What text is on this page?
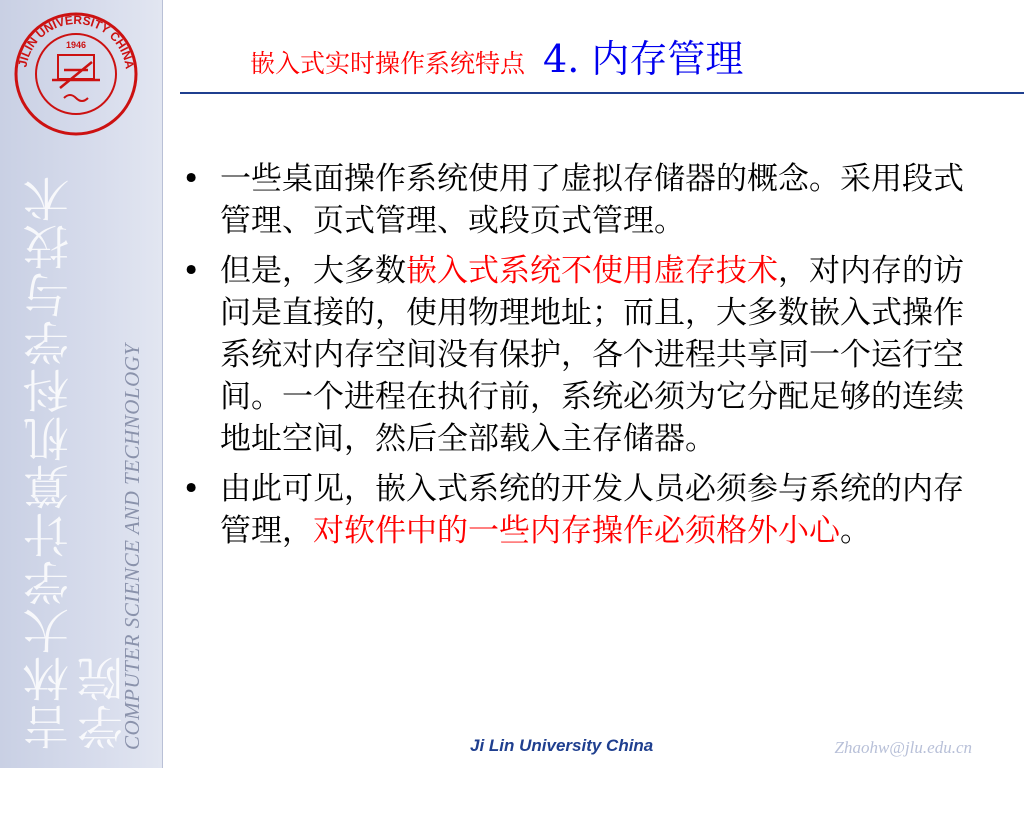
JILIN UNIVERSITY CHINA
1946
吉林大学计算机科学与技术学院
COMPUTER SCIENCE AND TECHNOLOGY
嵌入式实时操作系统特点 4. 内存管理
• 一些桌面操作系统使用了虚拟存储器的概念。采用段式管理、页式管理、或段页式管理。
• 但是，大多数嵌入式系统不使用虚存技术，对内存的访问是直接的，使用物理地址；而且，大多数嵌入式操作系统对内存空间没有保护，各个进程共享同一个运行空间。一个进程在执行前，系统必须为它分配足够的连续地址空间，然后全部载入主存储器。
• 由此可见，嵌入式系统的开发人员必须参与系统的内存管理，对软件中的一些内存操作必须格外小心。
Ji Lin University China	Zhaohw@jlu.edu.cn
